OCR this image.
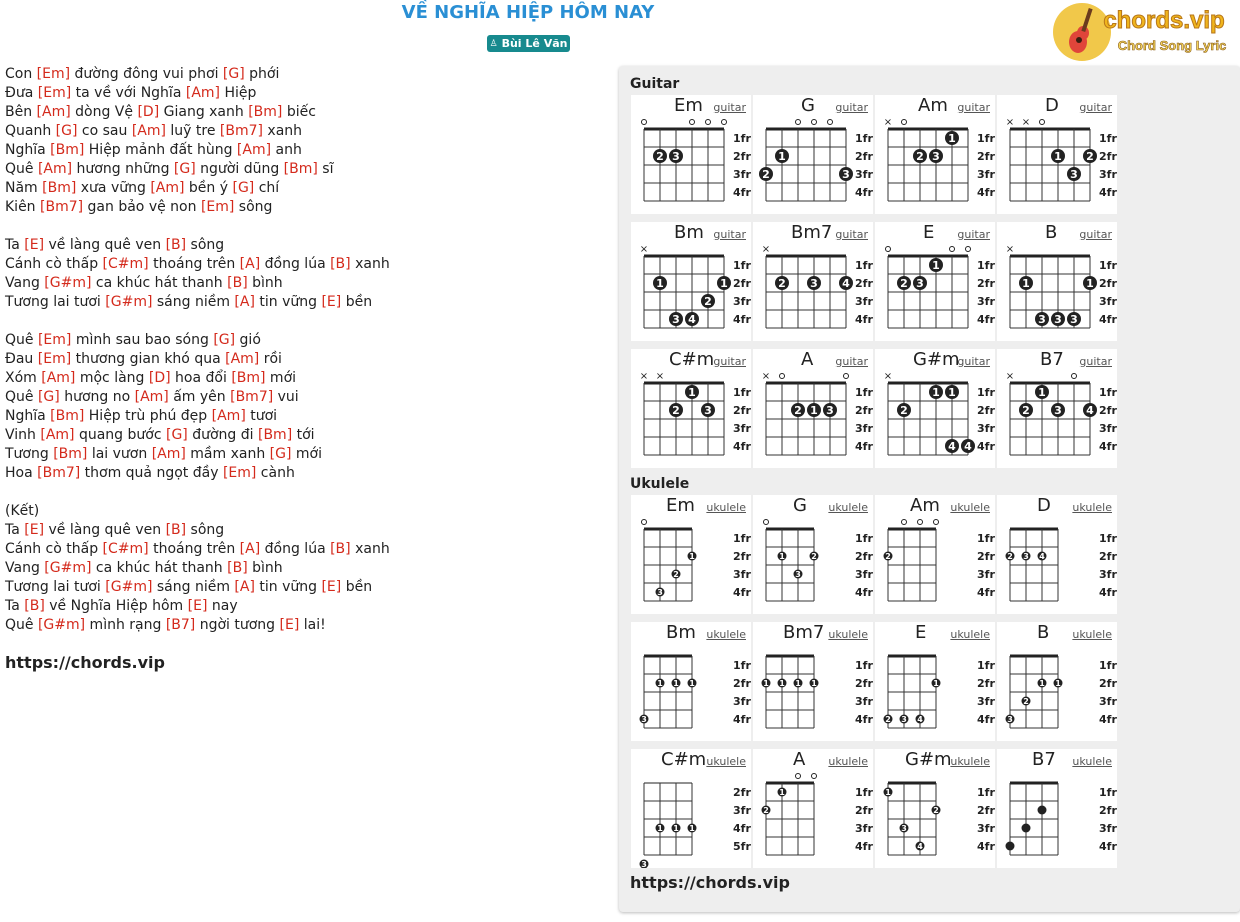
VỀ NGHĨA HIỆP HÔM NAY
♙ Bùi Lê Văn
chords.vip
Chord Song Lyric
Con [Em] đường đông vui phơi [G] phới
Đưa [Em] ta về với Nghĩa [Am] Hiệp
Bên [Am] dòng Vệ [D] Giang xanh [Bm] biếc
Quanh [G] co sau [Am] luỹ tre [Bm7] xanh
Nghĩa [Bm] Hiệp mảnh đất hùng [Am] anh
Quê [Am] hương những [G] người dũng [Bm] sĩ
Năm [Bm] xưa vững [Am] bền ý [G] chí
Kiên [Bm7] gan bảo vệ non [Em] sông
Ta [E] về làng quê ven [B] sông
Cánh cò thấp [C#m] thoáng trên [A] đồng lúa [B] xanh
Vang [G#m] ca khúc hát thanh [B] bình
Tương lai tươi [G#m] sáng niềm [A] tin vững [E] bền
Quê [Em] mình sau bao sóng [G] gió
Đau [Em] thương gian khó qua [Am] rồi
Xóm [Am] mộc làng [D] hoa đổi [Bm] mới
Quê [G] hương no [Am] ấm yên [Bm7] vui
Nghĩa [Bm] Hiệp trù phú đẹp [Am] tươi
Vinh [Am] quang bước [G] đường đi [Bm] tới
Tương [Bm] lai vươn [Am] mầm xanh [G] mới
Hoa [Bm7] thơm quả ngọt đầy [Em] cành
(Kết)
Ta [E] về làng quê ven [B] sông
Cánh cò thấp [C#m] thoáng trên [A] đồng lúa [B] xanh
Vang [G#m] ca khúc hát thanh [B] bình
Tương lai tươi [G#m] sáng niềm [A] tin vững [E] bền
Ta [B] về Nghĩa Hiệp hôm [E] nay
Quê [G#m] mình rạng [B7] ngời tương [E] lai!
https://chords.vip
Guitar
Ukulele
1fr
2fr
3fr
4fr
2 3
Em guitar
1fr
2fr
3fr
4fr
2
1
3
G guitar
1fr
2fr
3fr
4fr
×
2 3
1
Am guitar
1fr
2fr
3fr
4fr
× ×
1
3
2
D guitar
1fr
2fr
3fr
4fr
×
1	1
3 4
2
Bm guitar
1fr
2fr
3fr
4fr
×
2 3 4
Bm7 guitar
1fr
2fr
3fr
4fr
2 3
1
E guitar
1fr
2fr
3fr
4fr
×
1	1
3 3 3
B guitar
1fr
2fr
3fr
4fr
× ×
1
2 3
C#m guitar
1fr
2fr
3fr
4fr
×
2 1 3
A guitar
1fr
2fr
3fr
4fr
×
1 1
2
4 4
G#m
guitar
1fr
2fr
3fr
4fr
×
1
2 3 4
B7 guitar
1fr
2fr
3fr
4fr
1
2
3
Em ukulele
1fr
2fr
3fr
4fr
1	2
3
G ukulele
1fr
2fr
3fr
4fr
2
Am ukulele
1fr
2fr
3fr
4fr
2 3 4
D ukulele
1fr
2fr
3fr
4fr
1 1 1
3
Bm ukulele
1fr
2fr
3fr
4fr
1 1 1 1
Bm7 ukulele
1fr
2fr
3fr
4fr
1
2 3 4
E ukulele
1fr
2fr
3fr
4fr
1 1
2
3
B ukulele
2fr
3fr
4fr
5fr
1 1 1
3
C#m ukulele
1fr
2fr
3fr
4fr
1
2
A ukulele
1fr
2fr
3fr
4fr
1
2
3
4
G#m
ukulele
1fr
2fr
3fr
4fr
B7 ukulele
https://chords.vip
